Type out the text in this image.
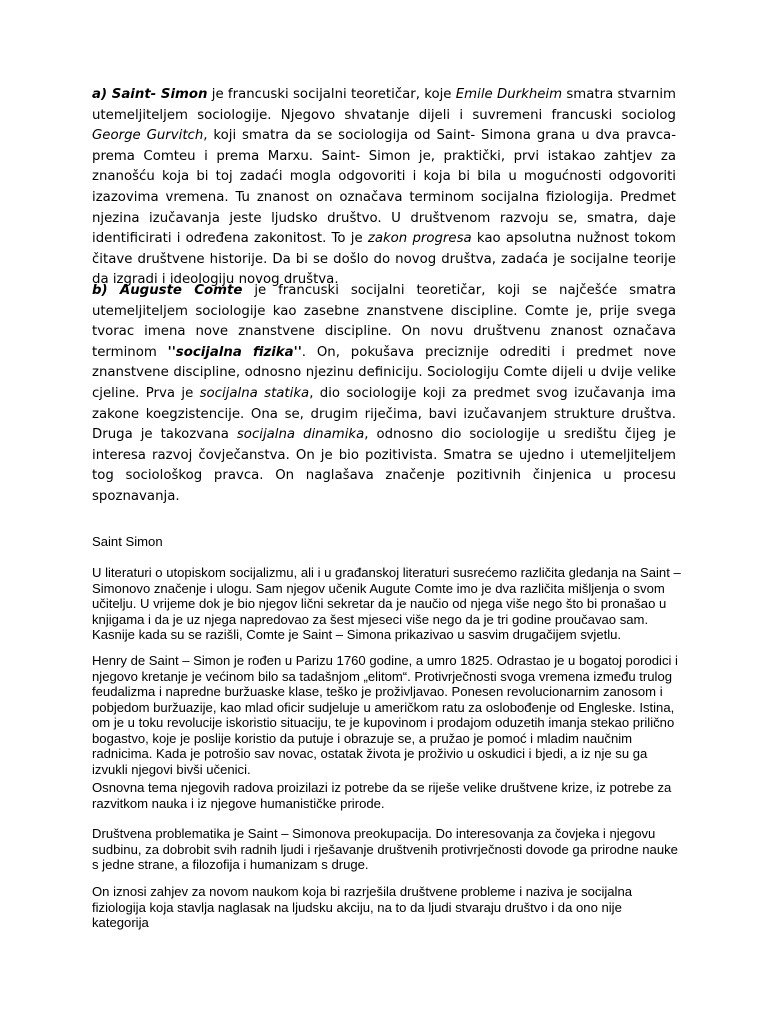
a) Saint- Simon je francuski socijalni teoretičar, koje Emile Durkheim smatra stvarnim utemeljiteljem sociologije. Njegovo shvatanje dijeli i suvremeni francuski sociolog George Gurvitch, koji smatra da se sociologija od Saint- Simona grana u dva pravca- prema Comteu i prema Marxu. Saint- Simon je, praktički, prvi istakao zahtjev za znanošću koja bi toj zadaći mogla odgovoriti i koja bi bila u mogućnosti odgovoriti izazovima vremena. Tu znanost on označava terminom socijalna fiziologija. Predmet njezina izučavanja jeste ljudsko društvo. U društvenom razvoju se, smatra, daje identificirati i određena zakonitost. To je zakon progresa kao apsolutna nužnost tokom čitave društvene historije. Da bi se došlo do novog društva, zadaća je socijalne teorije da izgradi i ideologiju novog društva.

b) Auguste Comte je francuski socijalni teoretičar, koji se najčešće smatra utemeljiteljem sociologije kao zasebne znanstvene discipline. Comte je, prije svega tvorac imena nove znanstvene discipline. On novu društvenu znanost označava terminom ''socijalna fizika''. On, pokušava preciznije odrediti i predmet nove znanstvene discipline, odnosno njezinu definiciju. Sociologiju Comte dijeli u dvije velike cjeline. Prva je socijalna statika, dio sociologije koji za predmet svog izučavanja ima zakone koegzistencije. Ona se, drugim riječima, bavi izučavanjem strukture društva. Druga je takozvana socijalna dinamika, odnosno dio sociologije u središtu čijeg je interesa razvoj čovječanstva. On je bio pozitivista. Smatra se ujedno i utemeljiteljem tog sociološkog pravca. On naglašava značenje pozitivnih činjenica u procesu spoznavanja.

Saint Simon

U literaturi o utopiskom socijalizmu, ali i u građanskoj literaturi susrećemo različita gledanja na Saint –

Simonovo značenje i ulogu. Sam njegov učenik Augute Comte imo je dva različita mišljenja o svom

učitelju. U vrijeme dok je bio njegov lični sekretar da je naučio od njega više nego što bi pronašao u

knjigama i da je uz njega napredovao za šest mjeseci više nego da je tri godine proučavao sam.

Kasnije kada su se razišli, Comte je Saint – Simona prikazivao u sasvim drugačijem svjetlu.

Henry de Saint – Simon je rođen u Parizu 1760 godine, a umro 1825. Odrastao je u bogatoj porodici i

njegovo kretanje je većinom bilo sa tadašnjom „elitom“. Protivrječnosti svoga vremena između trulog

feudalizma i napredne buržuaske klase, teško je proživljavao. Ponesen revolucionarnim zanosom i

pobjedom buržuazije, kao mlad oficir sudjeluje u američkom ratu za oslobođenje od Engleske. Istina,

om je u toku revolucije iskoristio situaciju, te je kupovinom i prodajom oduzetih imanja stekao prilično

bogastvo, koje je poslije koristio da putuje i obrazuje se, a pružao je pomoć i mladim naučnim

radnicima. Kada je potrošio sav novac, ostatak života je proživio u oskudici i bjedi, a iz nje su ga

izvukli njegovi bivši učenici.

Osnovna tema njegovih radova proizilazi iz potrebe da se riješe velike društvene krize, iz potrebe za

razvitkom nauka i iz njegove humanističke prirode.

Društvena problematika je Saint – Simonova preokupacija. Do interesovanja za čovjeka i njegovu

sudbinu, za dobrobit svih radnih ljudi i rješavanje društvenih protivrječnosti dovode ga prirodne nauke

s jedne strane, a filozofija i humanizam s druge.

On iznosi zahjev za novom naukom koja bi razrješila društvene probleme i naziva je socijalna

fiziologija koja stavlja naglasak na ljudsku akciju, na to da ljudi stvaraju društvo i da ono nije kategorija
